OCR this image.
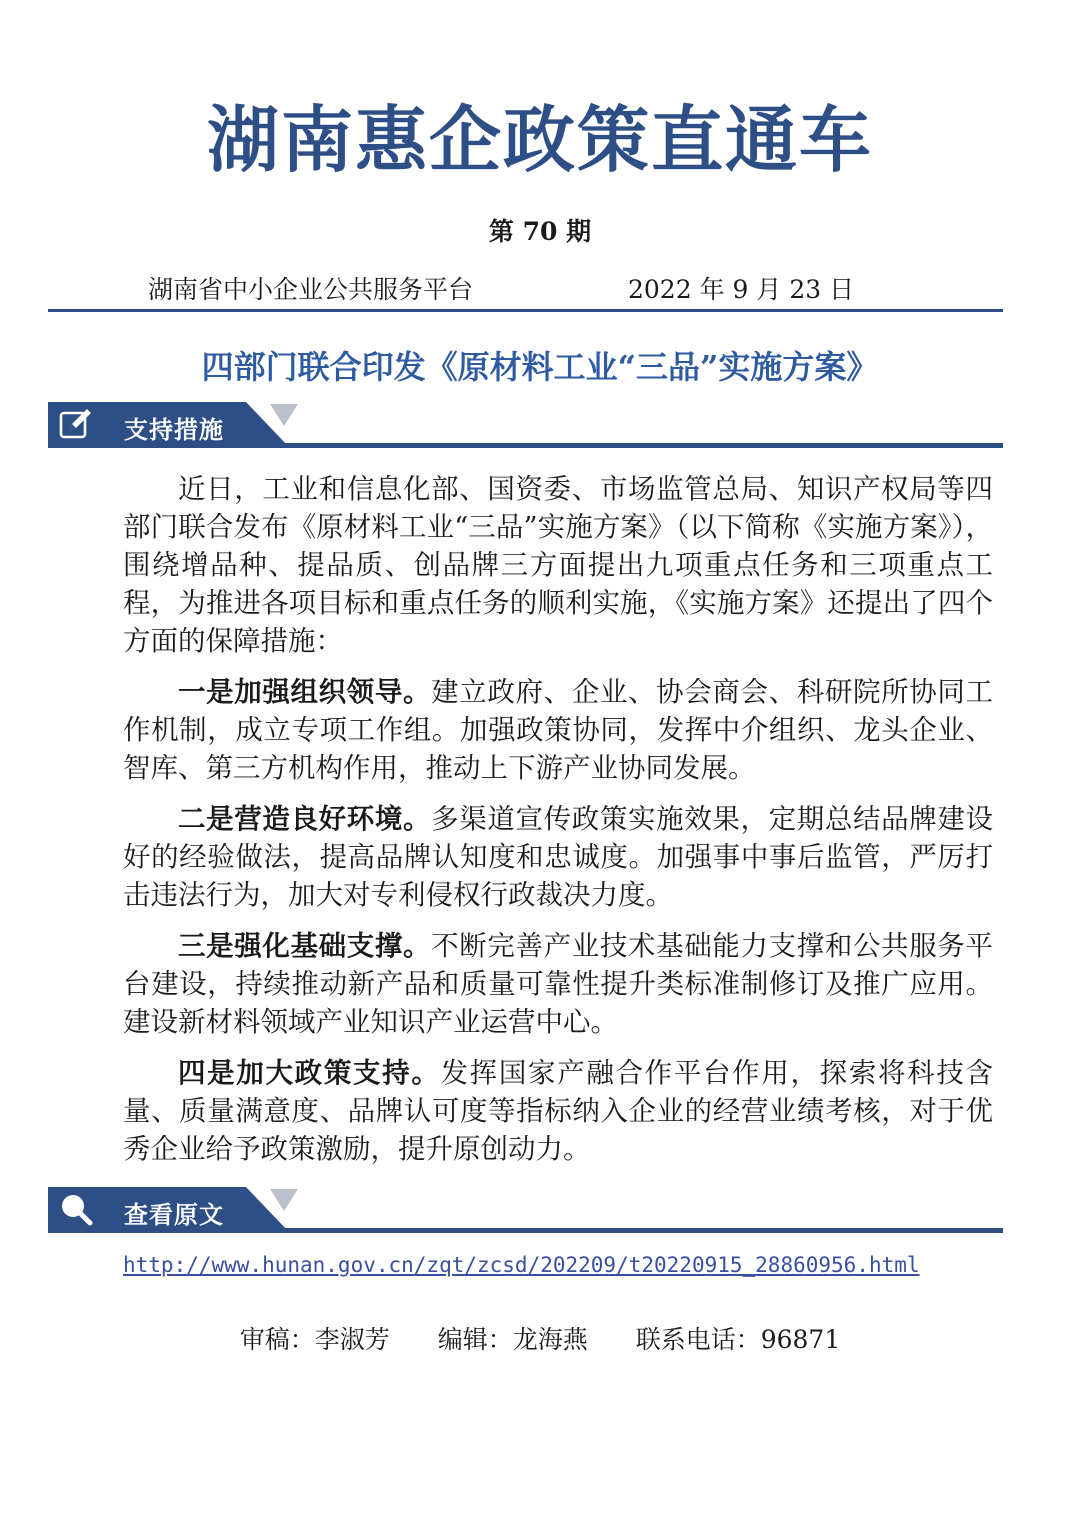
湖南惠企政策直通车
第 70 期
湖南省中小企业公共服务平台	2022 年 9 月 23 日
四部门联合印发《原材料工业“三品”实施方案》
支持措施

近日，工业和信息化部、国资委、市场监管总局、知识产权局等四部门联合发布《原材料工业“三品”实施方案》（以下简称《实施方案》），围绕增品种、提品质、创品牌三方面提出九项重点任务和三项重点工程，为推进各项目标和重点任务的顺利实施，《实施方案》还提出了四个方面的保障措施：

一是加强组织领导。建立政府、企业、协会商会、科研院所协同工作机制，成立专项工作组。加强政策协同，发挥中介组织、龙头企业、智库、第三方机构作用，推动上下游产业协同发展。

二是营造良好环境。多渠道宣传政策实施效果，定期总结品牌建设好的经验做法，提高品牌认知度和忠诚度。加强事中事后监管，严厉打击违法行为，加大对专利侵权行政裁决力度。

三是强化基础支撑。不断完善产业技术基础能力支撑和公共服务平台建设，持续推动新产品和质量可靠性提升类标准制修订及推广应用。建设新材料领域产业知识产业运营中心。

四是加大政策支持。发挥国家产融合作平台作用，探索将科技含量、质量满意度、品牌认可度等指标纳入企业的经营业绩考核，对于优秀企业给予政策激励，提升原创动力。

查看原文
http://www.hunan.gov.cn/zqt/zcsd/202209/t20220915_28860956.html
审稿：李淑芳 编辑：龙海燕 联系电话：96871
